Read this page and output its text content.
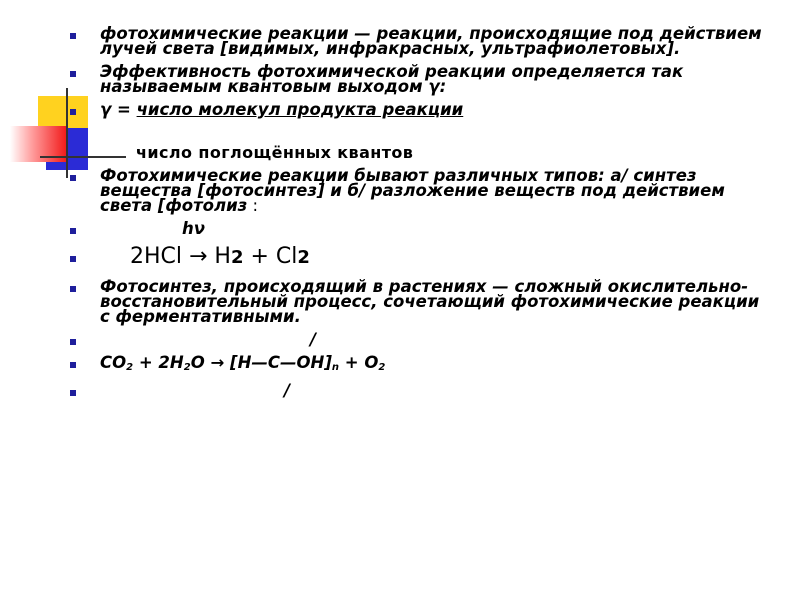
фотохимические реакции — реакции, происходящие под действием лучей света [видимых, инфракрасных, ультрафиолетовых].
Эффективность фотохимической реакции определяется так называемым квантовым выходом γ:
γ = число молекул продукта реакции
число поглощённых квантов
Фотохимические реакции бывают различных типов: а/ синтез вещества [фотосинтез] и б/ разложение веществ под действием света [фотолиз :
hν
2HCl → H2 + Cl2
Фотосинтез, происходящий в растениях — сложный окислительно-восстановительный процесс, сочетающий фотохимические реакции с ферментативными.
/
$CO_2 + 2H_2O$ → $[H—C—OH]_n + O_2$
/
